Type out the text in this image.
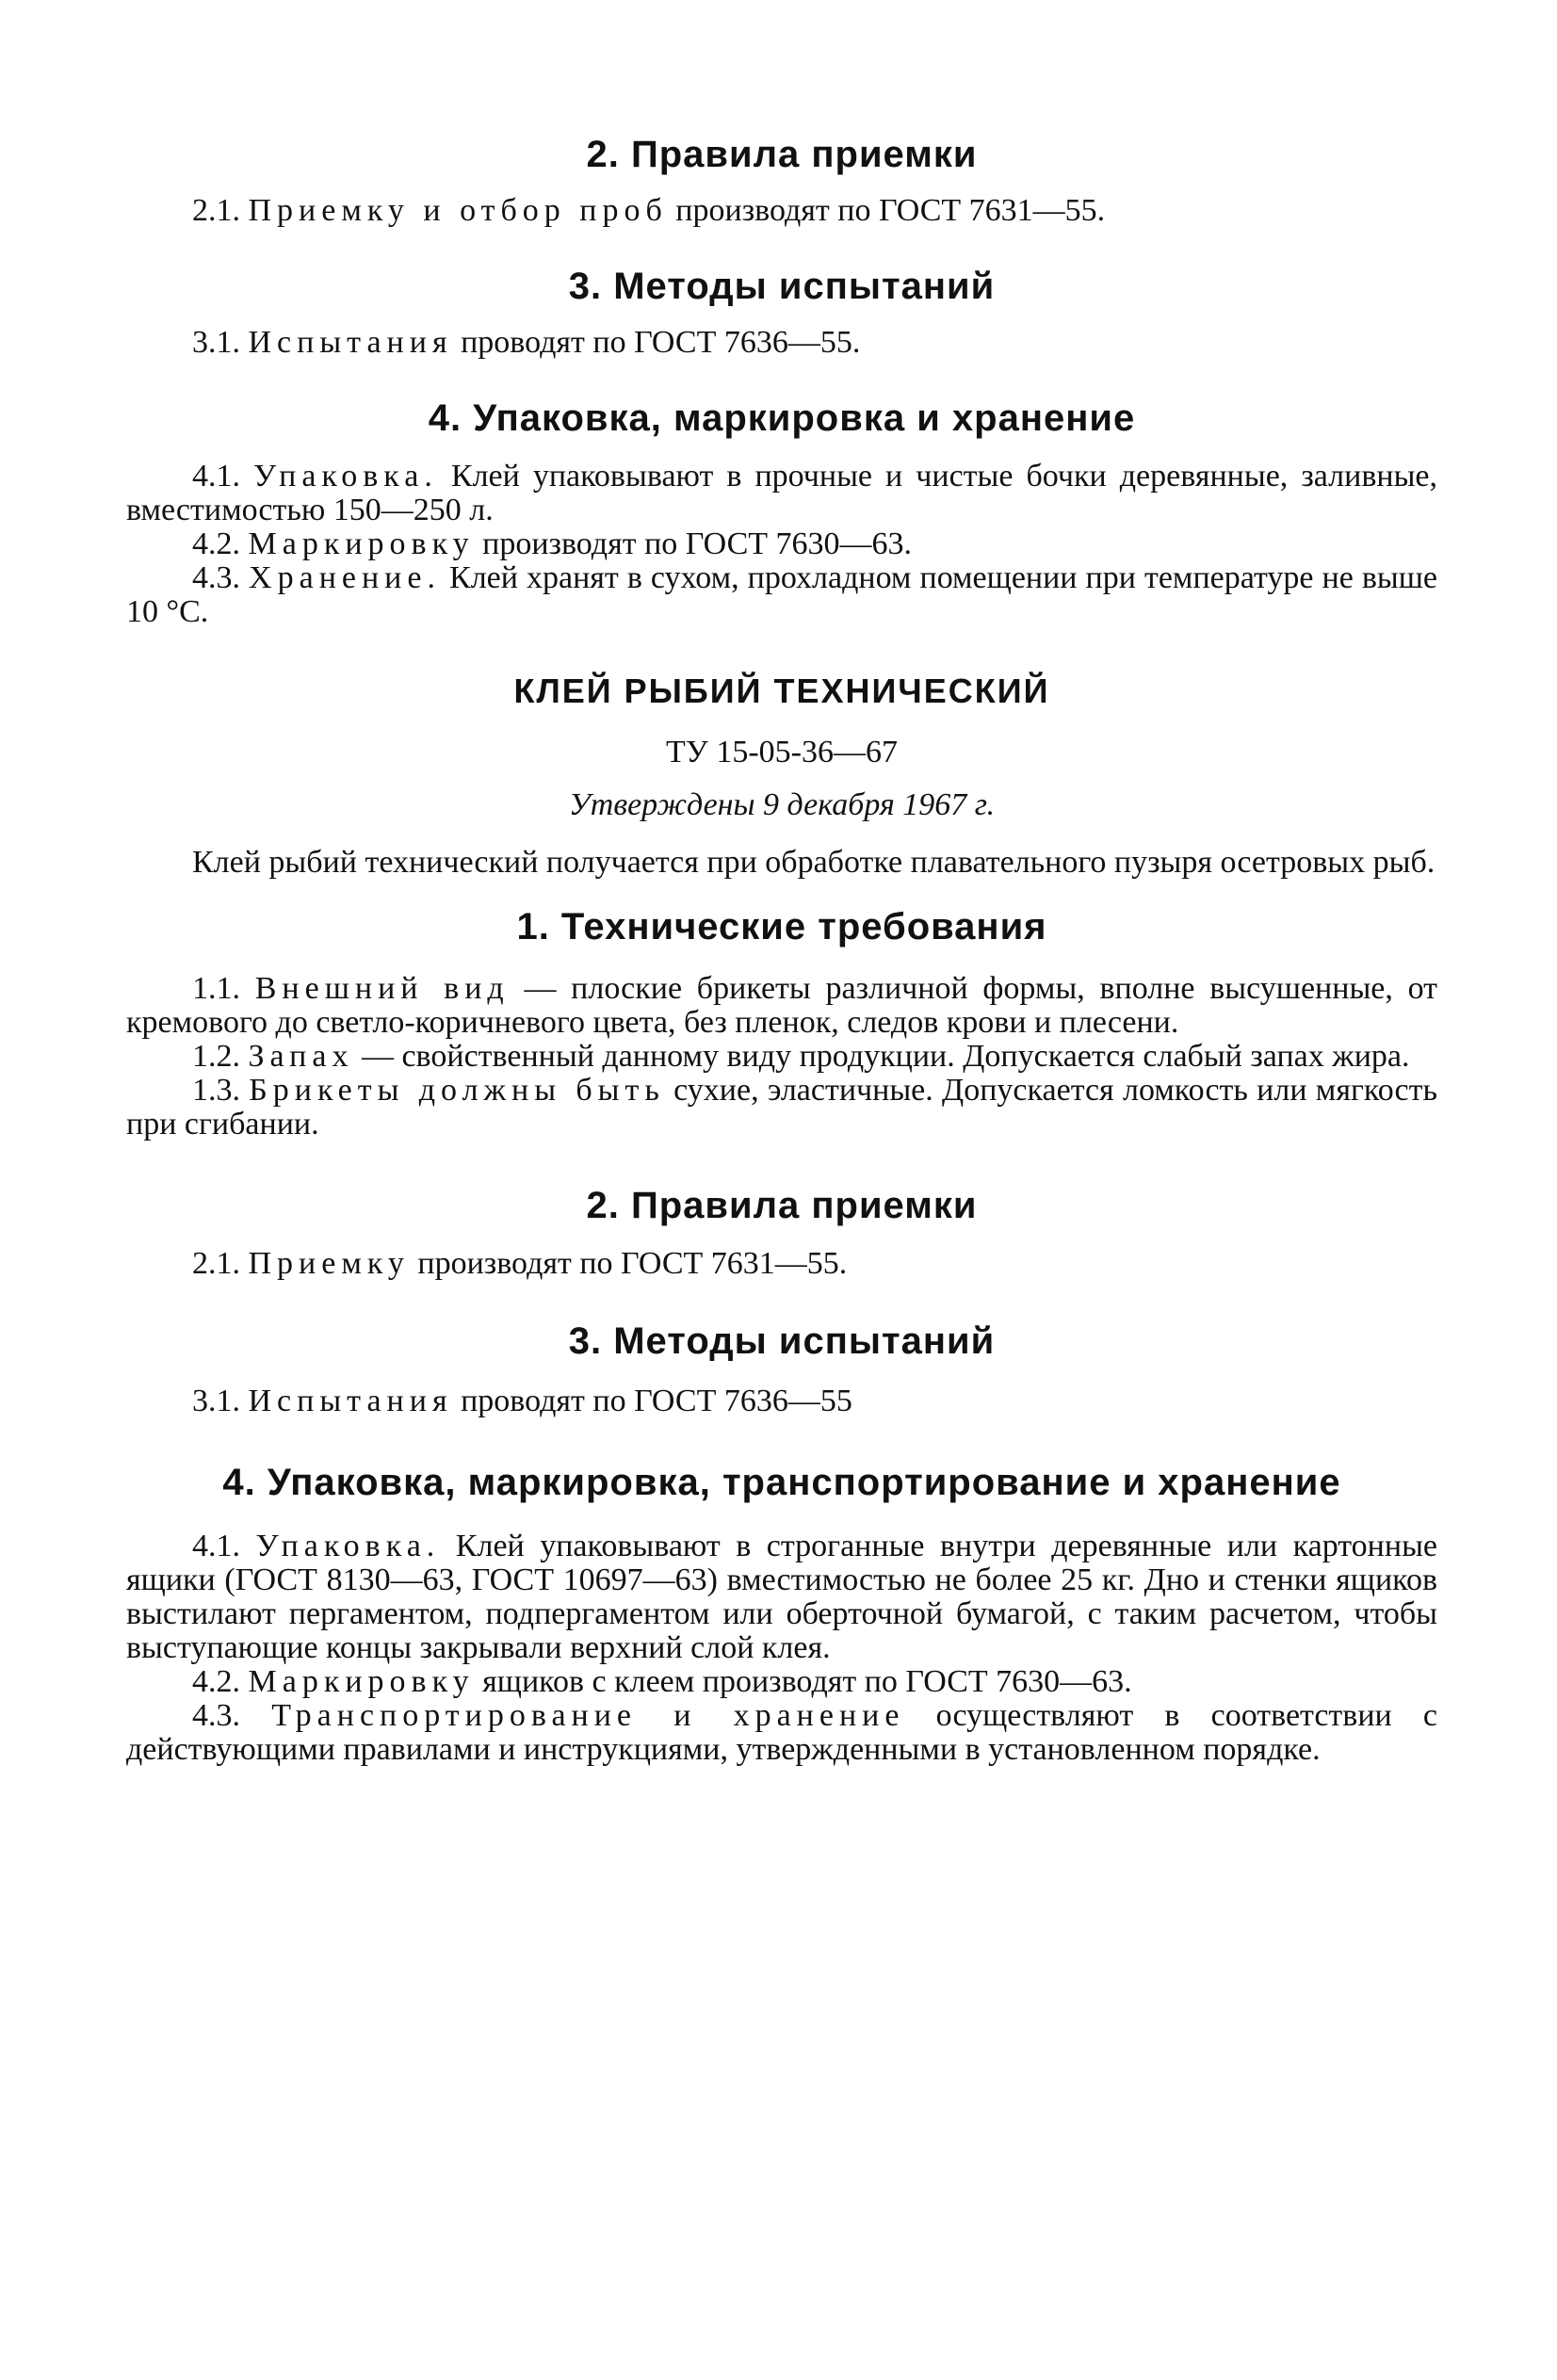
2. Правила приемки

2.1. Приемку и отбор проб производят по ГОСТ 7631—55.

3. Методы испытаний

3.1. Испытания проводят по ГОСТ 7636—55.

4. Упаковка, маркировка и хранение

4.1. Упаковка. Клей упаковывают в прочные и чистые бочки деревянные, заливные, вместимостью 150—250 л.

4.2. Маркировку производят по ГОСТ 7630—63.

4.3. Хранение. Клей хранят в сухом, прохладном помещении при температуре не выше 10 °С.

КЛЕЙ РЫБИЙ ТЕХНИЧЕСКИЙ

ТУ 15-05-36—67

Утверждены 9 декабря 1967 г.

Клей рыбий технический получается при обработке плавательного пузыря осетровых рыб.

1. Технические требования

1.1. Внешний вид — плоские брикеты различной формы, вполне высушенные, от кремового до светло-коричневого цвета, без пленок, следов крови и плесени.

1.2. Запах — свойственный данному виду продукции. Допускается слабый запах жира.

1.3. Брикеты должны быть сухие, эластичные. Допускается ломкость или мягкость при сгибании.

2. Правила приемки

2.1. Приемку производят по ГОСТ 7631—55.

3. Методы испытаний

3.1. Испытания проводят по ГОСТ 7636—55

4. Упаковка, маркировка, транспортирование и хранение

4.1. Упаковка. Клей упаковывают в строганные внутри деревянные или картонные ящики (ГОСТ 8130—63, ГОСТ 10697—63) вместимостью не более 25 кг. Дно и стенки ящиков выстилают пергаментом, подпергаментом или оберточной бумагой, с таким расчетом, чтобы выступающие концы закрывали верхний слой клея.

4.2. Маркировку ящиков с клеем производят по ГОСТ 7630—63.

4.3. Транспортирование и хранение осуществляют в соответствии с действующими правилами и инструкциями, утвержденными в установленном порядке.
